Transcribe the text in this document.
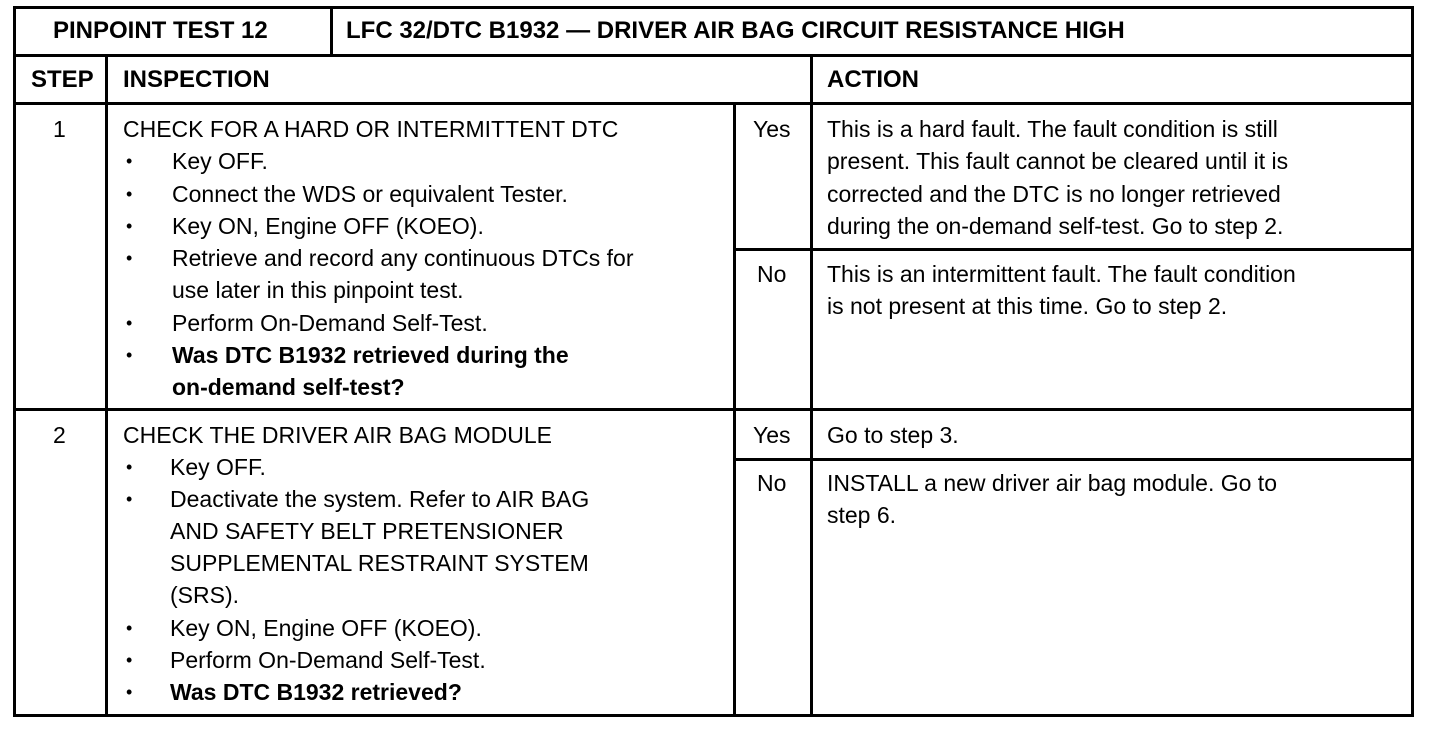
PINPOINT TEST 12	LFC 32/DTC B1932 — DRIVER AIR BAG CIRCUIT RESISTANCE HIGH
STEP INSPECTION	ACTION
1 CHECK FOR A HARD OR INTERMITTENT DTC
• Key OFF.
• Connect the WDS or equivalent Tester.
• Key ON, Engine OFF (KOEO).
• Retrieve and record any continuous DTCs for
use later in this pinpoint test.
• Perform On-Demand Self-Test.
• Was DTC B1932 retrieved during the
on-demand self-test?
Yes This is a hard fault. The fault condition is still
present. This fault cannot be cleared until it is
corrected and the DTC is no longer retrieved
during the on-demand self-test. Go to step 2.
No This is an intermittent fault. The fault condition
is not present at this time. Go to step 2.
2 CHECK THE DRIVER AIR BAG MODULE
• Key OFF.
• Deactivate the system. Refer to AIR BAG
AND SAFETY BELT PRETENSIONER
SUPPLEMENTAL RESTRAINT SYSTEM
(SRS).
• Key ON, Engine OFF (KOEO).
• Perform On-Demand Self-Test.
• Was DTC B1932 retrieved?
Yes Go to step 3.
No INSTALL a new driver air bag module. Go to
step 6.
